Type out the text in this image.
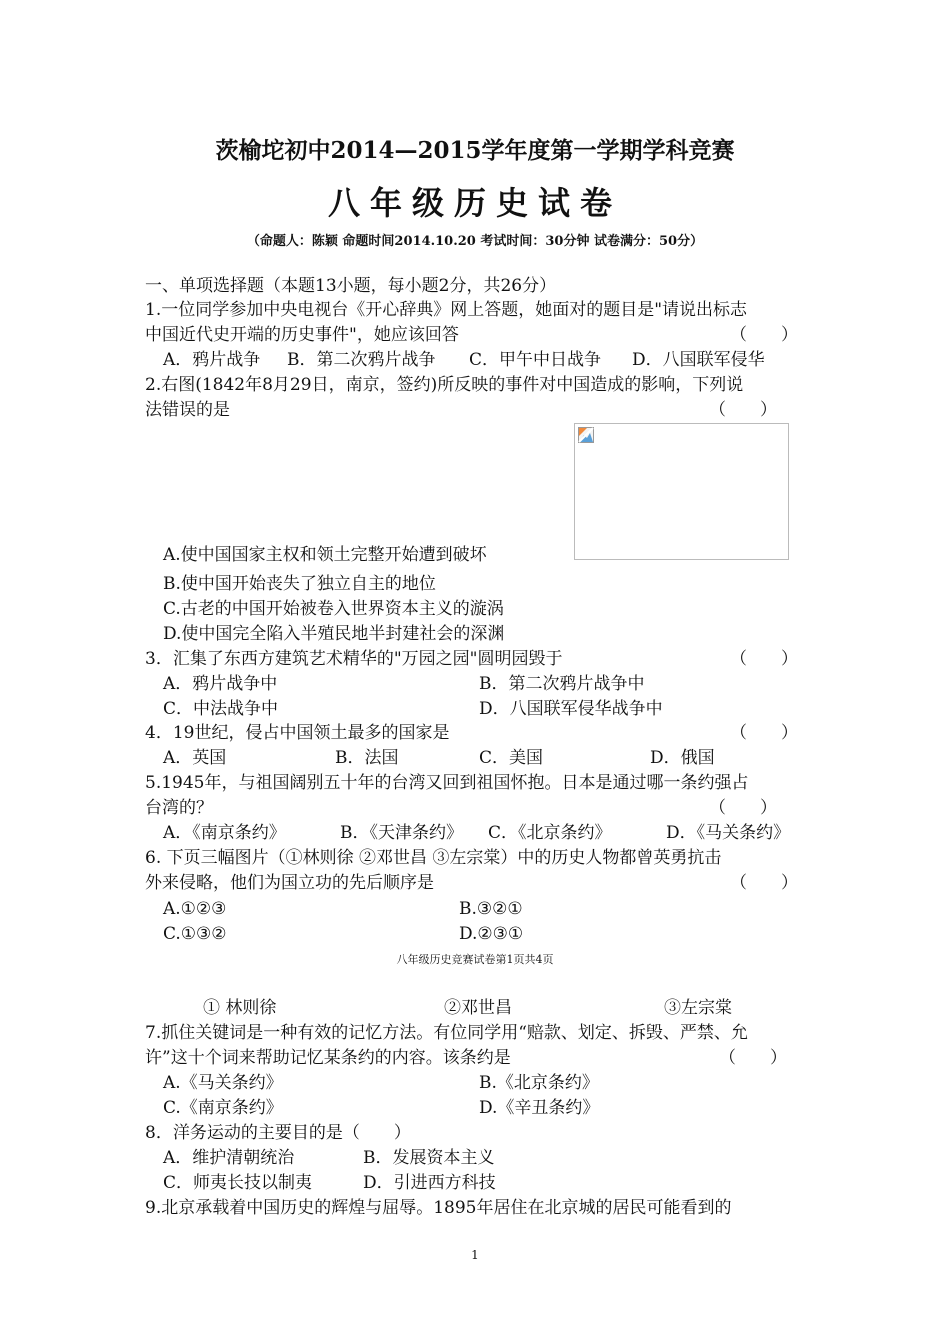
茨榆坨初中2014—2015学年度第一学期学科竞赛
八年级历史试卷
（命题人：陈颖 命题时间2014.10.20 考试时间：30分钟 试卷满分：50分）
一、单项选择题（本题13小题，每小题2分，共26分）
1.一位同学参加中央电视台《开心辞典》网上答题，她面对的题目是"请说出标志
中国近代史开端的历史事件"，她应该回答	（　　）
A．鸦片战争 B．第二次鸦片战争 C．甲午中日战争 D．八国联军侵华
2.右图(1842年8月29日，南京，签约)所反映的事件对中国造成的影响，下列说
法错误的是	（　　）
A.使中国国家主权和领土完整开始遭到破坏
B.使中国开始丧失了独立自主的地位
C.古老的中国开始被卷入世界资本主义的漩涡
D.使中国完全陷入半殖民地半封建社会的深渊
3．汇集了东西方建筑艺术精华的"万园之园"圆明园毁于	（　　）
A．鸦片战争中	B．第二次鸦片战争中
C．中法战争中	D．八国联军侵华战争中
4．19世纪，侵占中国领土最多的国家是	（　　）
A．英国	B．法国	C．美国	D．俄国
5.1945年，与祖国阔别五十年的台湾又回到祖国怀抱。日本是通过哪一条约强占
台湾的？	（　　）
A．《南京条约》	B．《天津条约》 C．《北京条约》	D．《马关条约》
6. 下页三幅图片（①林则徐 ②邓世昌 ③左宗棠）中的历史人物都曾英勇抗击
外来侵略，他们为国立功的先后顺序是	（　　）
A.①②③	B.③②①
C.①③②	D.②③①
八年级历史竞赛试卷第1页共4页
① 林则徐	②邓世昌	③左宗棠
7.抓住关键词是一种有效的记忆方法。有位同学用“赔款、划定、拆毁、严禁、允
许”这十个词来帮助记忆某条约的内容。该条约是	（　　）
A.《马关条约》	B.《北京条约》
C.《南京条约》	D.《辛丑条约》
8．洋务运动的主要目的是（　　）
A．维护清朝统治	B．发展资本主义
C．师夷长技以制夷	D．引进西方科技
9.北京承载着中国历史的辉煌与屈辱。1895年居住在北京城的居民可能看到的
1
